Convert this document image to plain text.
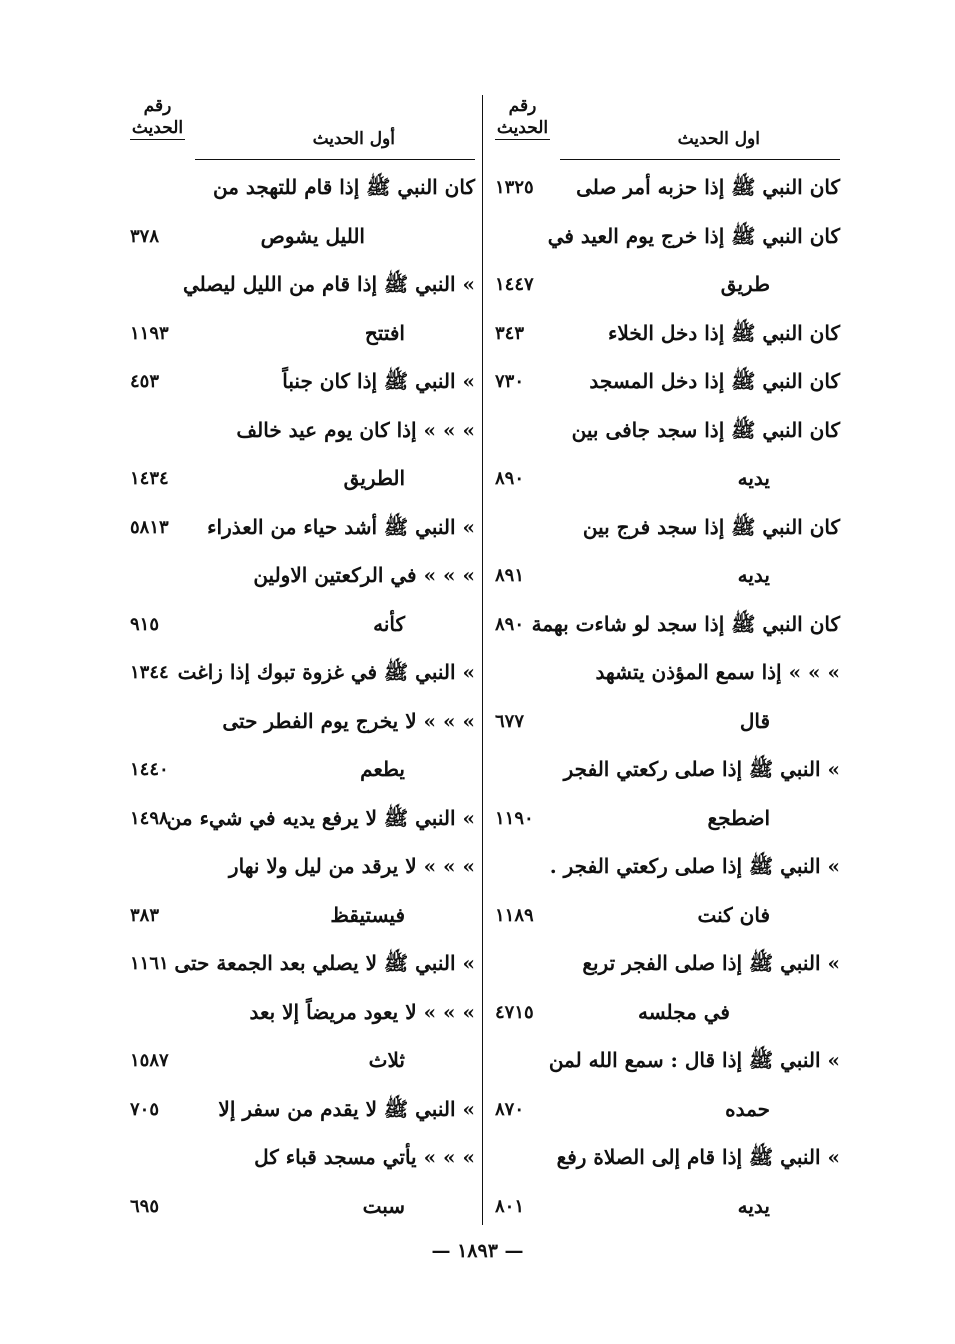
رقم
الحديث
اول الحديث
كان النبي ﷺ إذا حزبه أمر صلى
١٣٢٥
كان النبي ﷺ إذا خرج يوم العيد في
طريق
١٤٤٧
كان النبي ﷺ إذا دخل الخلاء
٣٤٣
كان النبي ﷺ إذا دخل المسجد
٧٣٠
كان النبي ﷺ إذا سجد جافى بين
يديه
٨٩٠
كان النبي ﷺ إذا سجد فرج بين
يديه
٨٩١
كان النبي ﷺ إذا سجد لو شاءت بهمة
٨٩٠
» » » إذا سمع المؤذن يتشهد
قال
٦٧٧
» النبي ﷺ إذا صلى ركعتي الفجر
اضطجع
١١٩٠
» النبي ﷺ إذا صلى ركعتي الفجر .
فان كنت
١١٨٩
» النبي ﷺ إذا صلى الفجر تربع
في مجلسه
٤٧١٥
» النبي ﷺ إذا قال : سمع الله لمن
حمده
٨٧٠
» النبي ﷺ إذا قام إلى الصلاة رفع
يديه
٨٠١
رقم
الحديث
أول الحديث
كان النبي ﷺ إذا قام للتهجد من
الليل يشوص
٣٧٨
» النبي ﷺ إذا قام من الليل ليصلي
افتتح
١١٩٣
» النبي ﷺ إذا كان جنباً
٤٥٣
» » » إذا كان يوم عيد خالف
الطريق
١٤٣٤
» النبي ﷺ أشد حياء من العذراء
٥٨١٣
» » » في الركعتين الاولين
كأنه
٩١٥
» النبي ﷺ في غزوة تبوك إذا زاغت
١٣٤٤
» » » لا يخرج يوم الفطر حتى
يطعم
١٤٤٠
» النبي ﷺ لا يرفع يديه في شيء من
١٤٩٨
» » » لا يرقد من ليل ولا نهار
فيستيقظ
٣٨٣
» النبي ﷺ لا يصلي بعد الجمعة حتى
١١٦١
» » » لا يعود مريضاً إلا بعد
ثلاث
١٥٨٧
» النبي ﷺ لا يقدم من سفر إلا
٧٠٥
» » » يأتي مسجد قباء كل
سبت
٦٩٥
— ١٨٩٣ —
